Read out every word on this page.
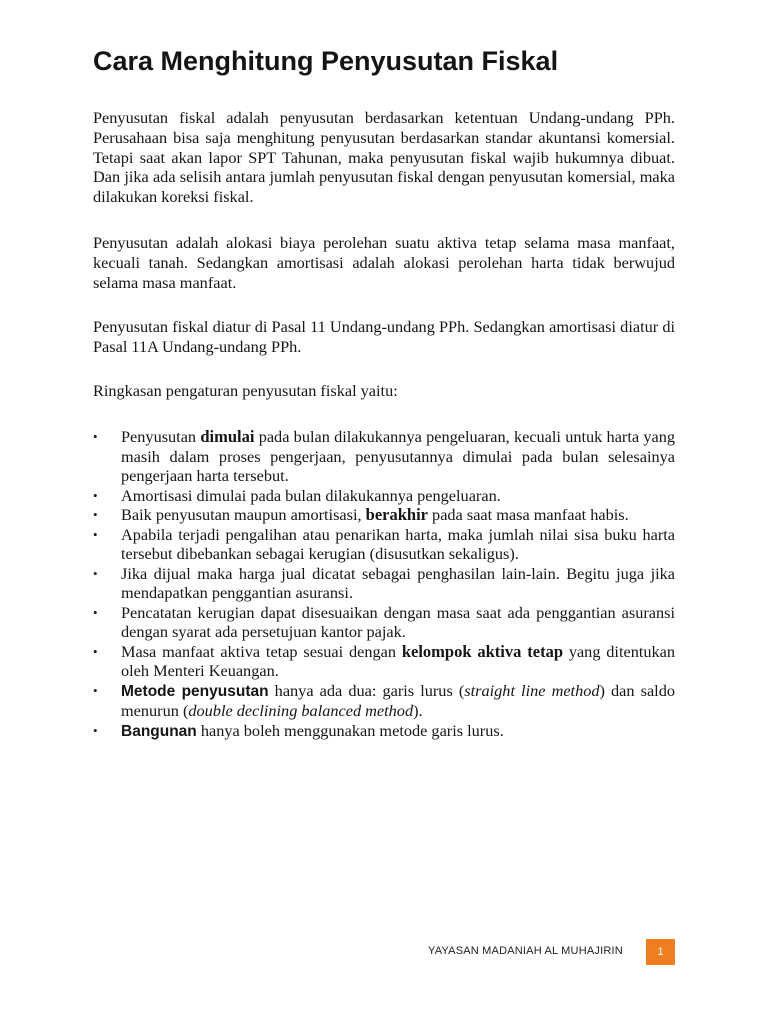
Cara Menghitung Penyusutan Fiskal

Penyusutan fiskal adalah penyusutan berdasarkan ketentuan Undang-undang PPh. Perusahaan bisa saja menghitung penyusutan berdasarkan standar akuntansi komersial. Tetapi saat akan lapor SPT Tahunan, maka penyusutan fiskal wajib hukumnya dibuat. Dan jika ada selisih antara jumlah penyusutan fiskal dengan penyusutan komersial, maka dilakukan koreksi fiskal.

Penyusutan adalah alokasi biaya perolehan suatu aktiva tetap selama masa manfaat, kecuali tanah. Sedangkan amortisasi adalah alokasi perolehan harta tidak berwujud selama masa manfaat.

Penyusutan fiskal diatur di Pasal 11 Undang-undang PPh. Sedangkan amortisasi diatur di Pasal 11A Undang-undang PPh.

Ringkasan pengaturan penyusutan fiskal yaitu:

• Penyusutan dimulai pada bulan dilakukannya pengeluaran, kecuali untuk harta yang masih dalam proses pengerjaan, penyusutannya dimulai pada bulan selesainya pengerjaan harta tersebut.
• Amortisasi dimulai pada bulan dilakukannya pengeluaran.
• Baik penyusutan maupun amortisasi, berakhir pada saat masa manfaat habis.
• Apabila terjadi pengalihan atau penarikan harta, maka jumlah nilai sisa buku harta tersebut dibebankan sebagai kerugian (disusutkan sekaligus).
• Jika dijual maka harga jual dicatat sebagai penghasilan lain-lain. Begitu juga jika mendapatkan penggantian asuransi.
• Pencatatan kerugian dapat disesuaikan dengan masa saat ada penggantian asuransi dengan syarat ada persetujuan kantor pajak.
• Masa manfaat aktiva tetap sesuai dengan kelompok aktiva tetap yang ditentukan oleh Menteri Keuangan.
• Metode penyusutan hanya ada dua: garis lurus (straight line method) dan saldo menurun (double declining balanced method).
• Bangunan hanya boleh menggunakan metode garis lurus.
YAYASAN MADANIAH AL MUHAJIRIN	1
